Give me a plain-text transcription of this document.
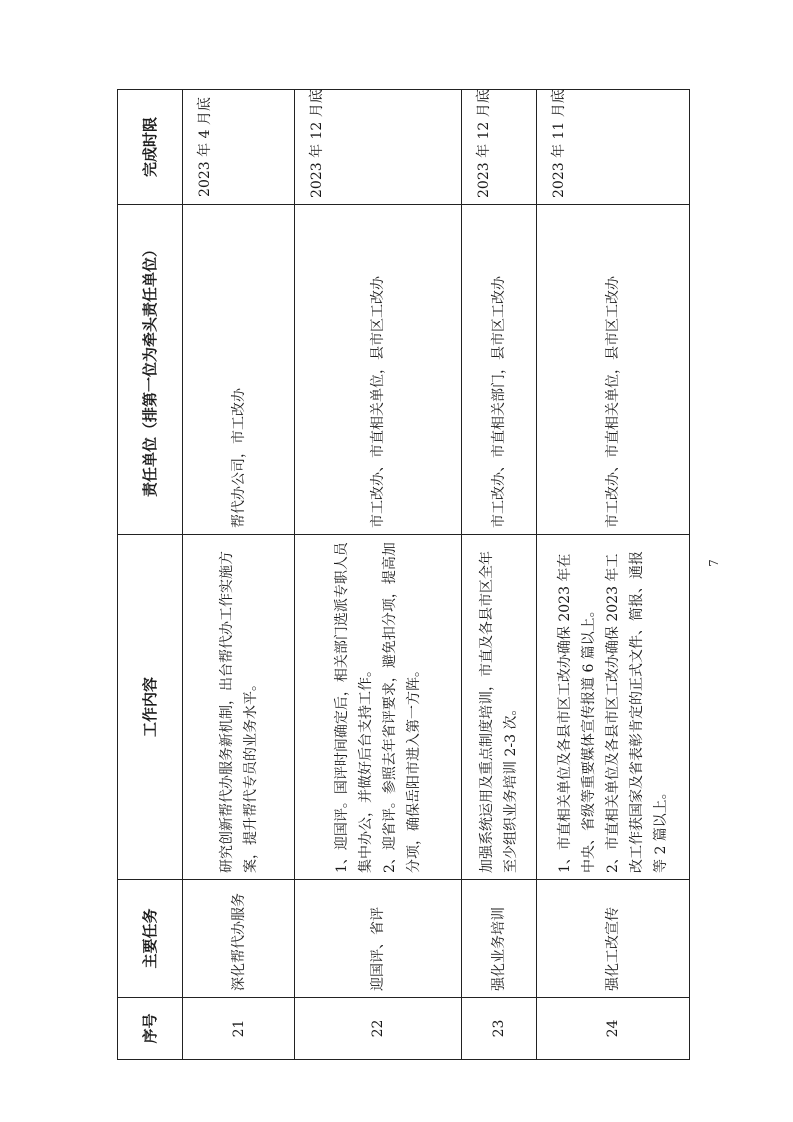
序号	主要任务	工作内容	责任单位（排第一位为牵头责任单位）	完成时限
21	深化帮代办服务	研究创新帮代办服务新机制，出台帮代办工作实施方案，提升帮代专员的业务水平。	帮代办公司，市工改办	2023 年 4 月底
22	迎国评、省评	1、迎国评。国评时间确定后，相关部门选派专职人员集中办公，并做好后台支持工作。 2、迎省评。参照去年省评要求，避免扣分项，提高加分项，确保岳阳市进入第一方阵。	市工改办、市直相关单位，县市区工改办	2023 年 12 月底
23	强化业务培训	加强系统运用及重点制度培训，市直及各县市区全年至少组织业务培训 2-3 次。	市工改办、市直相关部门，县市区工改办	2023 年 12 月底
24	强化工改宣传	1、市直相关单位及各县市区工改办确保 2023 年在中央、省级等重要媒体宣传报道 6 篇以上。 2、市直相关单位及各县市区工改办确保 2023 年工改工作获国家及省表彰肯定的正式文件、简报、通报等 2 篇以上。	市工改办、市直相关单位，县市区工改办	2023 年 11 月底
7
